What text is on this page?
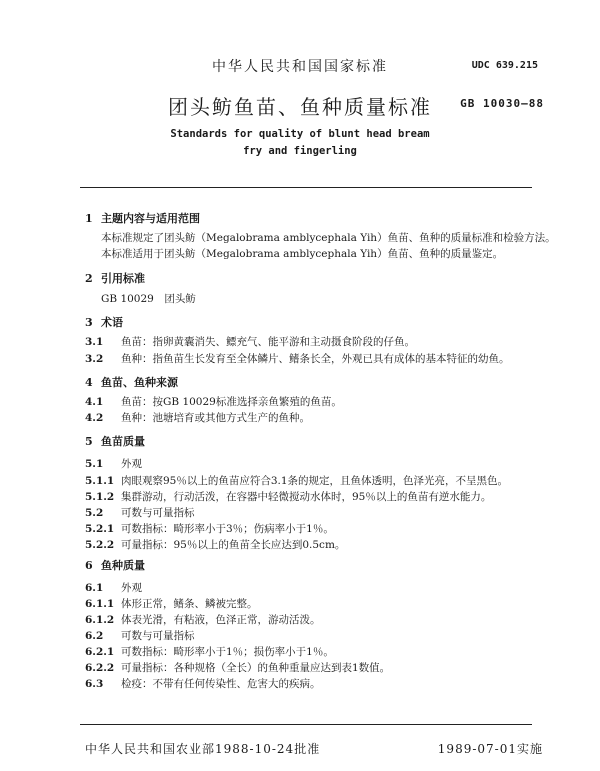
中华人民共和国国家标准	UDC 639.215
团头鲂鱼苗、鱼种质量标准	GB 10030—88
Standards for quality of blunt head bream
fry and fingerling
1 主题内容与适用范围
本标准规定了团头鲂（Megalobrama amblycephala Yih）鱼苗、鱼种的质量标准和检验方法。
本标准适用于团头鲂（Megalobrama amblycephala Yih）鱼苗、鱼种的质量鉴定。
2 引用标准
GB 10029　团头鲂
3 术语
3.1 鱼苗：指卵黄囊消失、鳔充气、能平游和主动摄食阶段的仔鱼。
3.2 鱼种：指鱼苗生长发育至全体鳞片、鳍条长全，外观已具有成体的基本特征的幼鱼。
4 鱼苗、鱼种来源
4.1 鱼苗：按GB 10029标准选择亲鱼繁殖的鱼苗。
4.2 鱼种：池塘培育或其他方式生产的鱼种。
5 鱼苗质量
5.1 外观
5.1.1 肉眼观察95％以上的鱼苗应符合3.1条的规定，且鱼体透明，色泽光亮，不呈黑色。
5.1.2 集群游动，行动活泼，在容器中轻微搅动水体时，95％以上的鱼苗有逆水能力。
5.2 可数与可量指标
5.2.1 可数指标：畸形率小于3％；伤病率小于1％。
5.2.2 可量指标：95％以上的鱼苗全长应达到0.5cm。
6 鱼种质量
6.1 外观
6.1.1 体形正常，鳍条、鳞被完整。
6.1.2 体表光滑，有粘液，色泽正常，游动活泼。
6.2 可数与可量指标
6.2.1 可数指标：畸形率小于1％；损伤率小于1％。
6.2.2 可量指标：各种规格（全长）的鱼种重量应达到表1数值。
6.3 检疫：不带有任何传染性、危害大的疾病。
中华人民共和国农业部1988-10-24批准	1989-07-01实施
